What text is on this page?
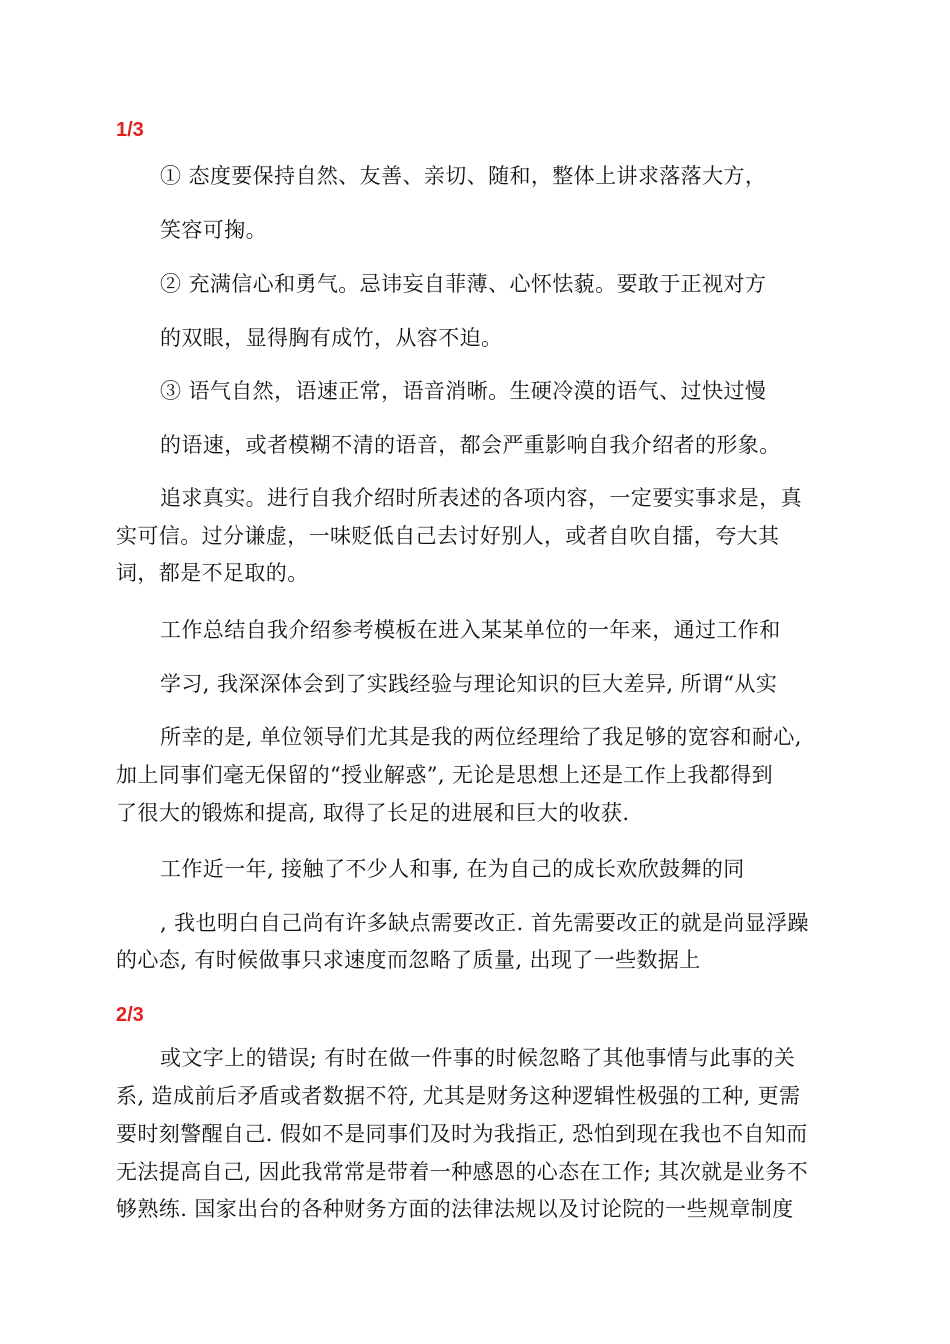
1/3
① 态度要保持自然、友善、亲切、随和，整体上讲求落落大方，
笑容可掬。
② 充满信心和勇气。忌讳妄自菲薄、心怀怯藐。要敢于正视对方
的双眼，显得胸有成竹，从容不迫。
③ 语气自然，语速正常，语音消晰。生硬冷漠的语气、过快过慢
的语速，或者模糊不清的语音，都会严重影响自我介绍者的形象。
追求真实。进行自我介绍时所表述的各项内容，一定要实事求是，真
实可信。过分谦虚，一味贬低自己去讨好别人，或者自吹自擂，夸大其
词，都是不足取的。
工作总结自我介绍参考模板在进入某某单位的一年来，通过工作和
学习, 我深深体会到了实践经验与理论知识的巨大差异, 所谓“从实
所幸的是, 单位领导们尤其是我的两位经理给了我足够的宽容和耐心,
加上同事们毫无保留的“授业解惑”, 无论是思想上还是工作上我都得到
了很大的锻炼和提高, 取得了长足的进展和巨大的收获.
工作近一年, 接触了不少人和事, 在为自己的成长欢欣鼓舞的同
, 我也明白自己尚有许多缺点需要改正. 首先需要改正的就是尚显浮躁
的心态, 有时候做事只求速度而忽略了质量, 出现了一些数据上
2/3
或文字上的错误; 有时在做一件事的时候忽略了其他事情与此事的关
系, 造成前后矛盾或者数据不符, 尤其是财务这种逻辑性极强的工种, 更需
要时刻警醒自己. 假如不是同事们及时为我指正, 恐怕到现在我也不自知而
无法提高自己, 因此我常常是带着一种感恩的心态在工作; 其次就是业务不
够熟练. 国家出台的各种财务方面的法律法规以及讨论院的一些规章制度
